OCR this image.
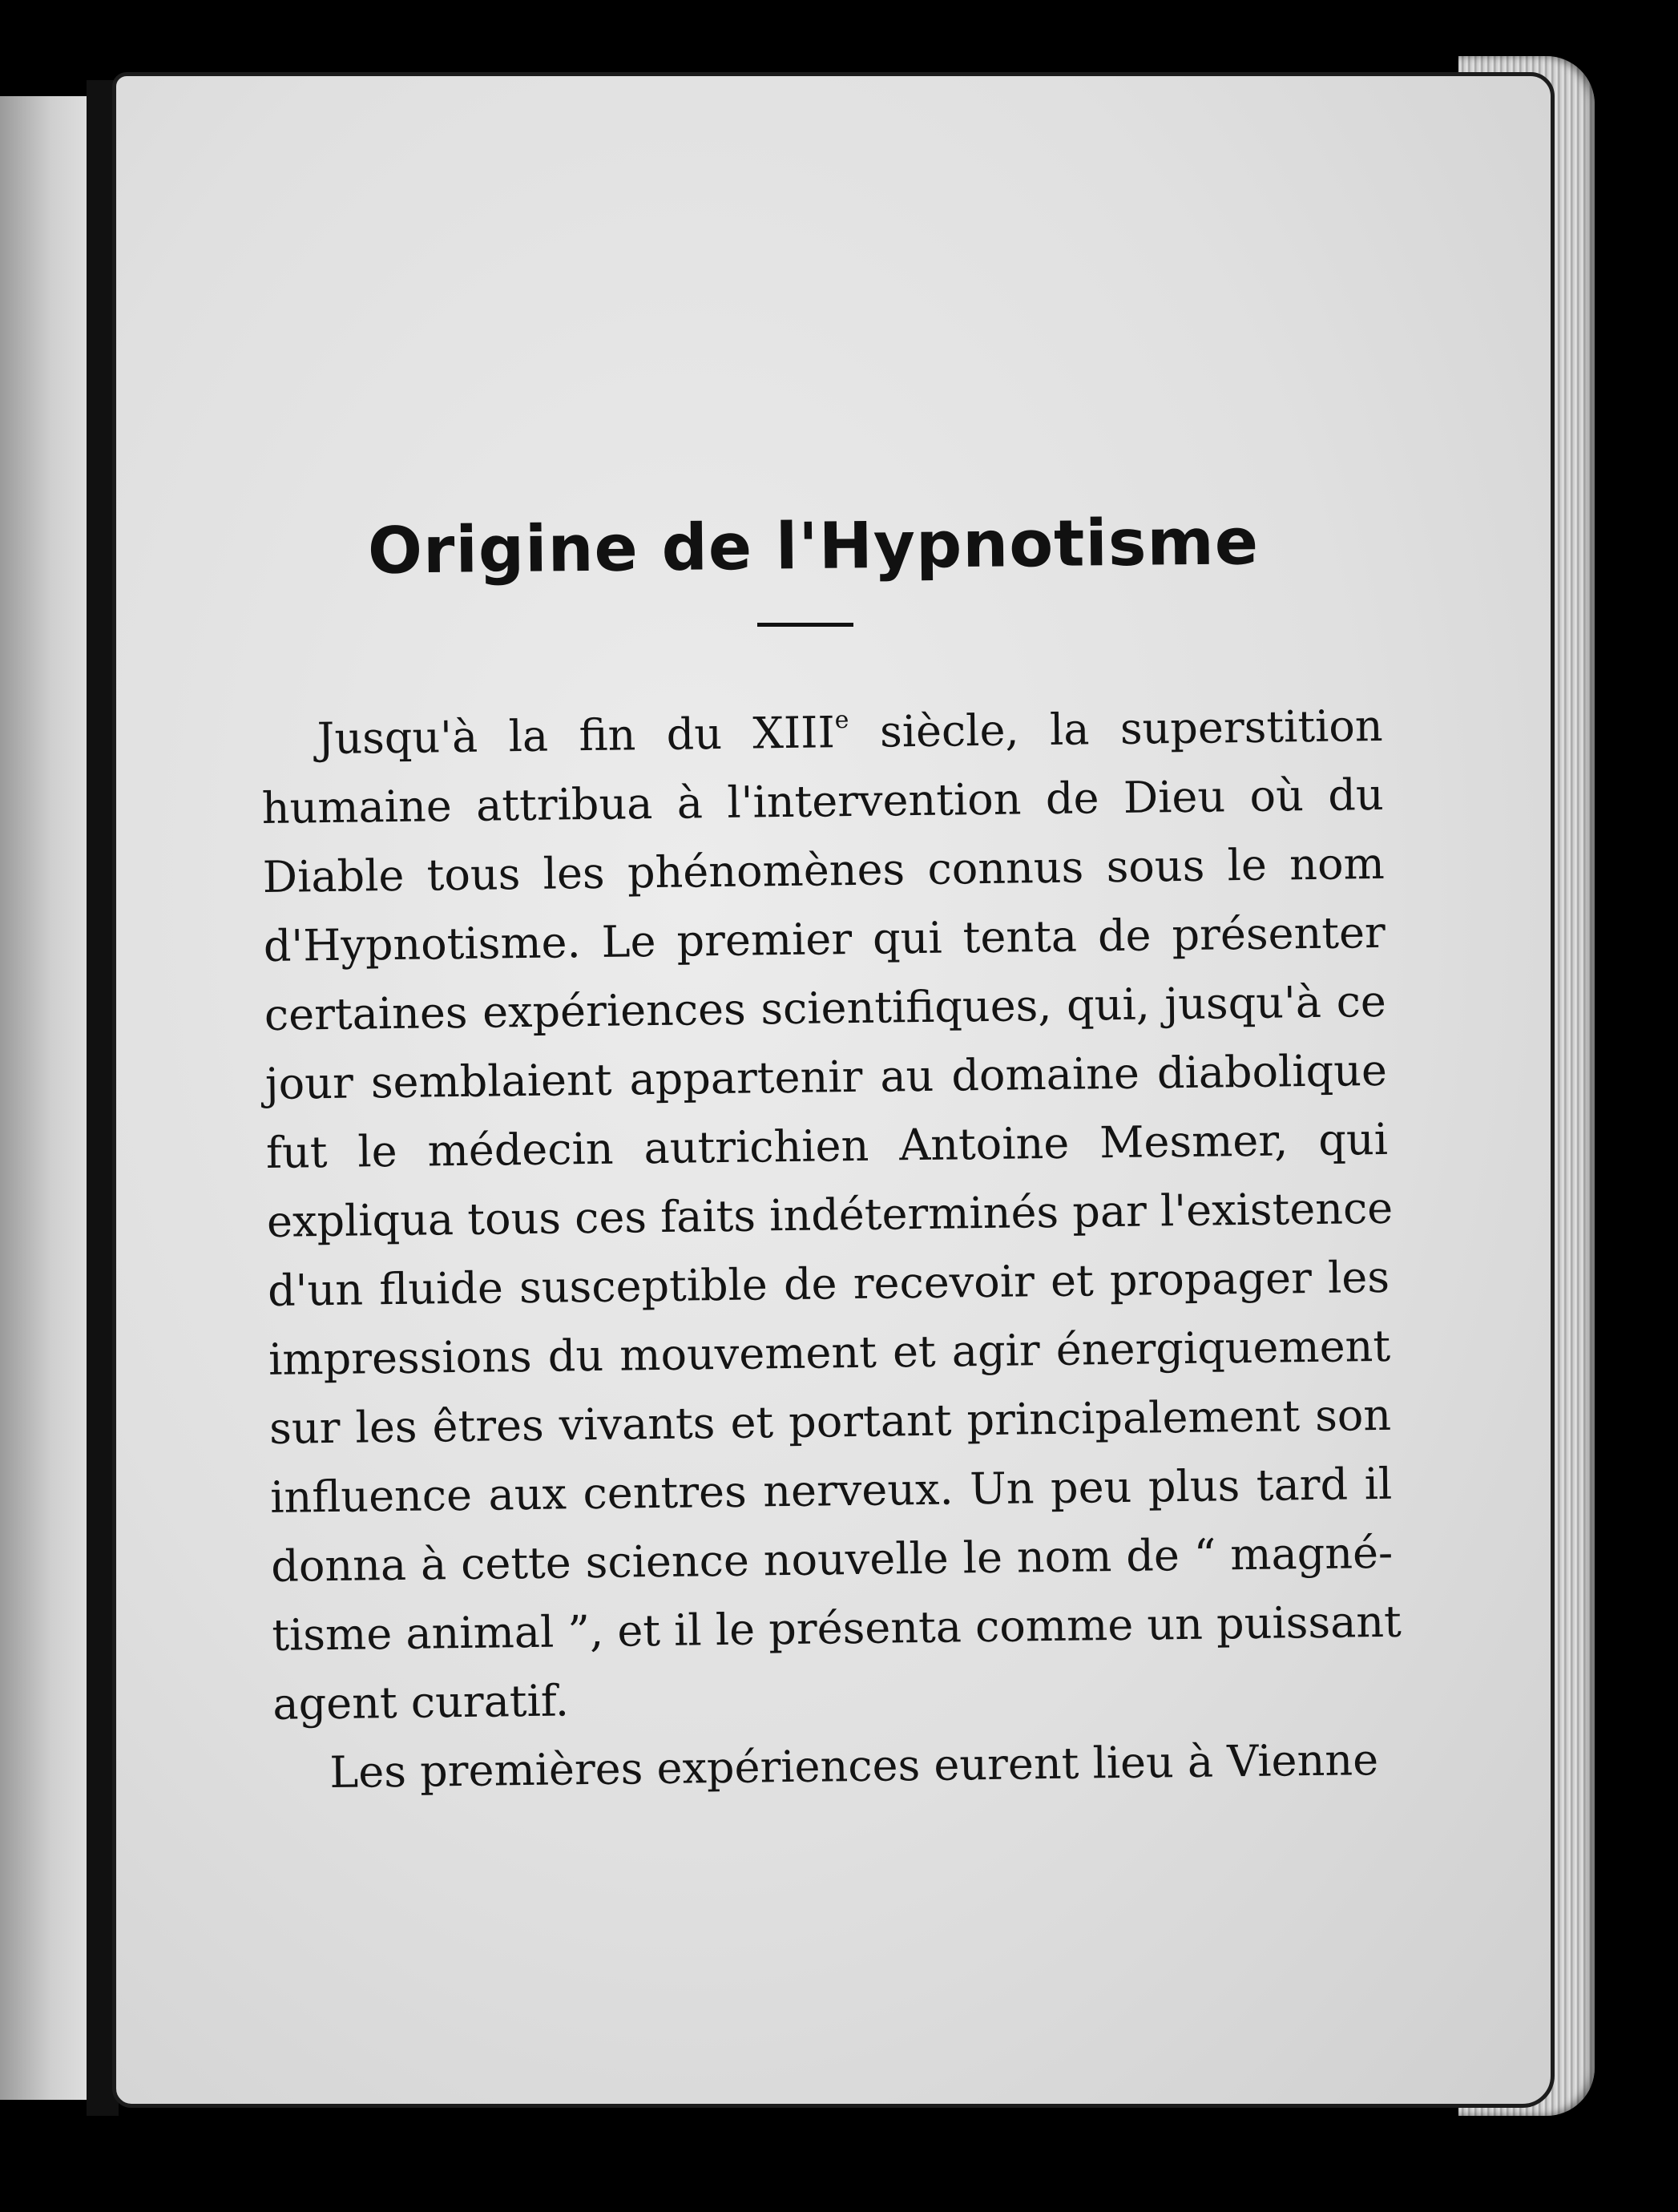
Origine de l'Hypnotisme
Jusqu'à la fin du XIIIe siècle, la superstition
humaine attribua à l'intervention de Dieu où du
Diable tous les phénomènes connus sous le nom
d'Hypnotisme. Le premier qui tenta de présenter
certaines expériences scientifiques, qui, jusqu'à ce
jour semblaient appartenir au domaine diabolique
fut le médecin autrichien Antoine Mesmer, qui
expliqua tous ces faits indéterminés par l'existence
d'un fluide susceptible de recevoir et propager les
impressions du mouvement et agir énergiquement
sur les êtres vivants et portant principalement son
influence aux centres nerveux. Un peu plus tard il
donna à cette science nouvelle le nom de “ magné-
tisme animal ”, et il le présenta comme un puissant
agent curatif.
Les premières expériences eurent lieu à Vienne
